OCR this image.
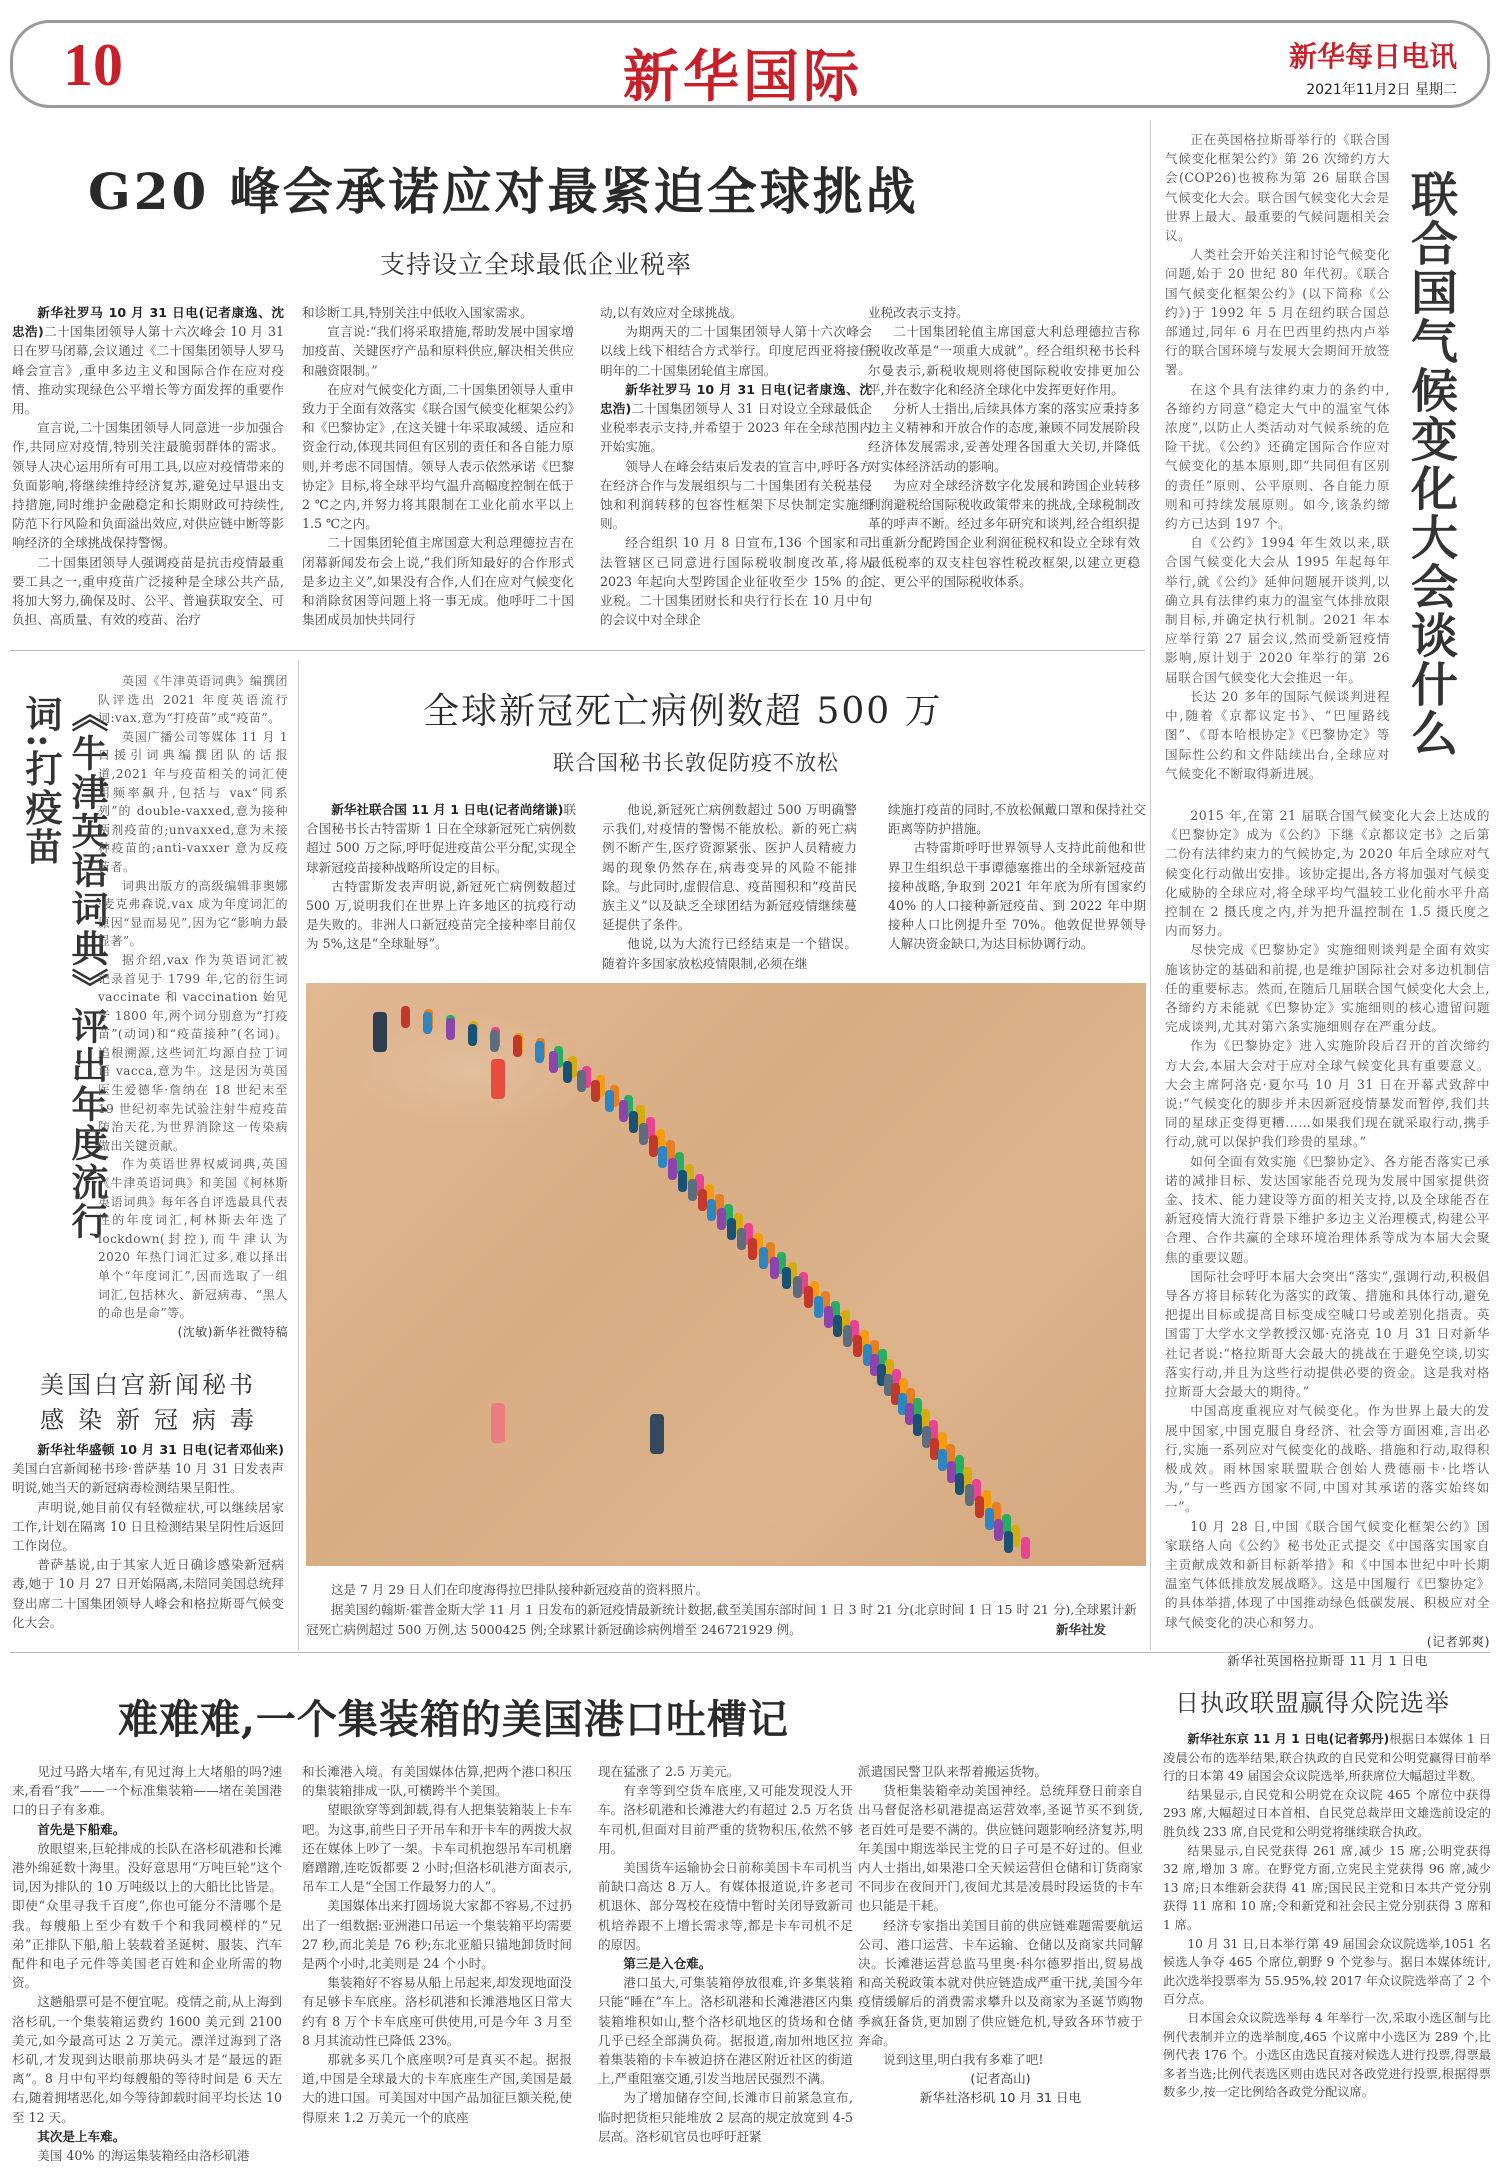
10	新华国际	新华每日电讯
2021年11月2日 星期二
G20 峰会承诺应对最紧迫全球挑战
支持设立全球最低企业税率

新华社罗马 10 月 31 日电(记者康逸、沈忠浩)二十国集团领导人第十六次峰会 10 月 31 日在罗马闭幕,会议通过《二十国集团领导人罗马峰会宣言》,重申多边主义和国际合作在应对疫情、推动实现绿色公平增长等方面发挥的重要作用。

宣言说,二十国集团领导人同意进一步加强合作,共同应对疫情,特别关注最脆弱群体的需求。领导人决心运用所有可用工具,以应对疫情带来的负面影响,将继续维持经济复苏,避免过早退出支持措施,同时维护金融稳定和长期财政可持续性,防范下行风险和负面溢出效应,对供应链中断等影响经济的全球挑战保持警惕。

二十国集团领导人强调疫苗是抗击疫情最重要工具之一,重申疫苗广泛接种是全球公共产品,将加大努力,确保及时、公平、普遍获取安全、可负担、高质量、有效的疫苗、治疗

和诊断工具,特别关注中低收入国家需求。

宣言说:“我们将采取措施,帮助发展中国家增加疫苗、关键医疗产品和原料供应,解决相关供应和融资限制。”

在应对气候变化方面,二十国集团领导人重申致力于全面有效落实《联合国气候变化框架公约》和《巴黎协定》,在这关键十年采取减缓、适应和资金行动,体现共同但有区别的责任和各自能力原则,并考虑不同国情。领导人表示依然承诺《巴黎协定》目标,将全球平均气温升高幅度控制在低于 2 ℃之内,并努力将其限制在工业化前水平以上 1.5 ℃之内。

二十国集团轮值主席国意大利总理德拉吉在闭幕新闻发布会上说,“我们所知最好的合作形式是多边主义”,如果没有合作,人们在应对气候变化和消除贫困等问题上将一事无成。他呼吁二十国集团成员加快共同行

动,以有效应对全球挑战。

为期两天的二十国集团领导人第十六次峰会以线上线下相结合方式举行。印度尼西亚将接任明年的二十国集团轮值主席国。

新华社罗马 10 月 31 日电(记者康逸、沈忠浩)二十国集团领导人 31 日对设立全球最低企业税率表示支持,并希望于 2023 年在全球范围内开始实施。

领导人在峰会结束后发表的宣言中,呼吁各方在经济合作与发展组织与二十国集团有关税基侵蚀和利润转移的包容性框架下尽快制定实施细则。

经合组织 10 月 8 日宣布,136 个国家和司法管辖区已同意进行国际税收制度改革,将从 2023 年起向大型跨国企业征收至少 15% 的企业税。二十国集团财长和央行行长在 10 月中旬的会议中对全球企

业税改表示支持。

二十国集团轮值主席国意大利总理德拉吉称税收改革是“一项重大成就”。经合组织秘书长科尔曼表示,新税收规则将使国际税收安排更加公平,并在数字化和经济全球化中发挥更好作用。

分析人士指出,后续具体方案的落实应秉持多边主义精神和开放合作的态度,兼顾不同发展阶段经济体发展需求,妥善处理各国重大关切,并降低对实体经济活动的影响。

为应对全球经济数字化发展和跨国企业转移利润避税给国际税收政策带来的挑战,全球税制改革的呼声不断。经过多年研究和谈判,经合组织提出重新分配跨国企业利润征税权和设立全球有效最低税率的双支柱包容性税改框架,以建立更稳定、更公平的国际税收体系。

正在英国格拉斯哥举行的《联合国气候变化框架公约》第 26 次缔约方大会(COP26)也被称为第 26 届联合国气候变化大会。联合国气候变化大会是世界上最大、最重要的气候问题相关会议。

人类社会开始关注和讨论气候变化问题,始于 20 世纪 80 年代初。《联合国气候变化框架公约》(以下简称《公约》)于 1992 年 5 月在纽约联合国总部通过,同年 6 月在巴西里约热内卢举行的联合国环境与发展大会期间开放签署。

在这个具有法律约束力的条约中,各缔约方同意“稳定大气中的温室气体浓度”,以防止人类活动对气候系统的危险干扰。《公约》还确定国际合作应对气候变化的基本原则,即“共同但有区别的责任”原则、公平原则、各自能力原则和可持续发展原则。如今,该条约缔约方已达到 197 个。

自《公约》1994 年生效以来,联合国气候变化大会从 1995 年起每年举行,就《公约》延伸问题展开谈判,以确立具有法律约束力的温室气体排放限制目标,并确定执行机制。2021 年本应举行第 27 届会议,然而受新冠疫情影响,原计划于 2020 年举行的第 26 届联合国气候变化大会推迟一年。

长达 20 多年的国际气候谈判进程中,随着《京都议定书》、“巴厘路线图”、《哥本哈根协定》《巴黎协定》等国际性公约和文件陆续出台,全球应对气候变化不断取得新进展。

联合国气候变化大会谈什么

2015 年,在第 21 届联合国气候变化大会上达成的《巴黎协定》成为《公约》下继《京都议定书》之后第二份有法律约束力的气候协定,为 2020 年后全球应对气候变化行动做出安排。该协定提出,各方将加强对气候变化威胁的全球应对,将全球平均气温较工业化前水平升高控制在 2 摄氏度之内,并为把升温控制在 1.5 摄氏度之内而努力。

尽快完成《巴黎协定》实施细则谈判是全面有效实施该协定的基础和前提,也是维护国际社会对多边机制信任的重要标志。然而,在随后几届联合国气候变化大会上,各缔约方未能就《巴黎协定》实施细则的核心遗留问题完成谈判,尤其对第六条实施细则存在严重分歧。

作为《巴黎协定》进入实施阶段后召开的首次缔约方大会,本届大会对于应对全球气候变化具有重要意义。大会主席阿洛克·夏尔马 10 月 31 日在开幕式致辞中说:“气候变化的脚步并未因新冠疫情暴发而暂停,我们共同的星球正变得更糟……如果我们现在就采取行动,携手行动,就可以保护我们珍贵的星球。”

如何全面有效实施《巴黎协定》、各方能否落实已承诺的减排目标、发达国家能否兑现为发展中国家提供资金、技术、能力建设等方面的相关支持,以及全球能否在新冠疫情大流行背景下维护多边主义治理模式,构建公平合理、合作共赢的全球环境治理体系等成为本届大会聚焦的重要议题。

国际社会呼吁本届大会突出“落实”,强调行动,积极倡导各方将目标转化为落实的政策、措施和具体行动,避免把提出目标或提高目标变成空喊口号或差别化指责。英国雷丁大学水文学教授汉娜·克洛克 10 月 31 日对新华社记者说:“格拉斯哥大会最大的挑战在于避免空谈,切实落实行动,并且为这些行动提供必要的资金。这是我对格拉斯哥大会最大的期待。”

中国高度重视应对气候变化。作为世界上最大的发展中国家,中国克服自身经济、社会等方面困难,言出必行,实施一系列应对气候变化的战略、措施和行动,取得积极成效。雨林国家联盟联合创始人费德丽卡·比塔认为,“与一些西方国家不同,中国对其承诺的落实始终如一”。

10 月 28 日,中国《联合国气候变化框架公约》国家联络人向《公约》秘书处正式提交《中国落实国家自主贡献成效和新目标新举措》和《中国本世纪中叶长期温室气体低排放发展战略》。这是中国履行《巴黎协定》的具体举措,体现了中国推动绿色低碳发展、积极应对全球气候变化的决心和努力。

(记者郭爽)

新华社英国格拉斯哥 11 月 1 日电

《牛津英语词典》评出年度流行词:打疫苗

英国《牛津英语词典》编撰团队评选出 2021 年度英语流行词:vax,意为“打疫苗”或“疫苗”。

英国广播公司等媒体 11 月 1 日援引词典编撰团队的话报道,2021 年与疫苗相关的词汇使用频率飙升,包括与 vax“同系列”的 double-vaxxed,意为接种两剂疫苗的;unvaxxed,意为未接种疫苗的;anti-vaxxer 意为反疫苗者。

词典出版方的高级编辑菲奥娜·麦克弗森说,vax 成为年度词汇的原因“显而易见”,因为它“影响力最显著”。

据介绍,vax 作为英语词汇被记录首见于 1799 年,它的衍生词 vaccinate 和 vaccination 始见于 1800 年,两个词分别意为“打疫苗”(动词)和“疫苗接种”(名词)。追根溯源,这些词汇均源自拉丁词语 vacca,意为牛。这是因为英国医生爱德华·詹纳在 18 世纪末至 19 世纪初率先试验注射牛痘疫苗防治天花,为世界消除这一传染病做出关键贡献。

作为英语世界权威词典,英国《牛津英语词典》和美国《柯林斯英语词典》每年各自评选最具代表性的年度词汇,柯林斯去年选了 lockdown(封控),而牛津认为 2020 年热门词汇过多,难以择出单个“年度词汇”,因而选取了一组词汇,包括林火、新冠病毒、“黑人的命也是命”等。

(沈敏)新华社微特稿

美国白宫新闻秘书
感染新冠病毒

新华社华盛顿 10 月 31 日电(记者邓仙来)美国白宫新闻秘书珍·普萨基 10 月 31 日发表声明说,她当天的新冠病毒检测结果呈阳性。

声明说,她目前仅有轻微症状,可以继续居家工作,计划在隔离 10 日且检测结果呈阴性后返回工作岗位。

普萨基说,由于其家人近日确诊感染新冠病毒,她于 10 月 27 日开始隔离,未陪同美国总统拜登出席二十国集团领导人峰会和格拉斯哥气候变化大会。

全球新冠死亡病例数超 500 万
联合国秘书长敦促防疫不放松

新华社联合国 11 月 1 日电(记者尚绪谦)联合国秘书长古特雷斯 1 日在全球新冠死亡病例数超过 500 万之际,呼吁促进疫苗公平分配,实现全球新冠疫苗接种战略所设定的目标。

古特雷斯发表声明说,新冠死亡病例数超过 500 万,说明我们在世界上许多地区的抗疫行动是失败的。非洲人口新冠疫苗完全接种率目前仅为 5%,这是“全球耻辱”。

他说,新冠死亡病例数超过 500 万明确警示我们,对疫情的警惕不能放松。新的死亡病例不断产生,医疗资源紧张、医护人员精疲力竭的现象仍然存在,病毒变异的风险不能排除。与此同时,虚假信息、疫苗囤积和“疫苗民族主义”以及缺乏全球团结为新冠疫情继续蔓延提供了条件。

他说,以为大流行已经结束是一个错误。随着许多国家放松疫情限制,必须在继

续施打疫苗的同时,不放松佩戴口罩和保持社交距离等防护措施。

古特雷斯呼吁世界领导人支持此前他和世界卫生组织总干事谭德塞推出的全球新冠疫苗接种战略,争取到 2021 年年底为所有国家约 40% 的人口接种新冠疫苗、到 2022 年中期接种人口比例提升至 70%。他敦促世界领导人解决资金缺口,为达目标协调行动。

这是 7 月 29 日人们在印度海得拉巴排队接种新冠疫苗的资料照片。

据美国约翰斯·霍普金斯大学 11 月 1 日发布的新冠疫情最新统计数据,截至美国东部时间 1 日 3 时 21 分(北京时间 1 日 15 时 21 分),全球累计新冠死亡病例超过 500 万例,达 5000425 例;全球累计新冠确诊病例增至 246721929 例。	新华社发
难难难,一个集装箱的美国港口吐槽记

见过马路大堵车,有见过海上大堵船的吗?速来,看看“我”——一个标准集装箱——堵在美国港口的日子有多难。

首先是下船难。

放眼望来,巨轮排成的长队在洛杉矶港和长滩港外绵延数十海里。没好意思用“万吨巨轮”这个词,因为排队的 10 万吨级以上的大船比比皆是。即使“众里寻我千百度”,你也可能分不清哪个是我。每艘船上至少有数千个和我同模样的“兄弟”正排队下船,船上装载着圣诞树、服装、汽车配件和电子元件等美国老百姓和企业所需的物资。

这趟船票可是不便宜呢。疫情之前,从上海到洛杉矶,一个集装箱运费约 1600 美元到 2100 美元,如今最高可达 2 万美元。漂洋过海到了洛杉矶,才发现到达眼前那块码头才是“最远的距离”。8 月中旬平均每艘船的等待时间是 6 天左右,随着拥堵恶化,如今等待卸载时间平均长达 10 至 12 天。

其次是上车难。

美国 40% 的海运集装箱经由洛杉矶港

和长滩港入境。有美国媒体估算,把两个港口积压的集装箱排成一队,可横跨半个美国。

望眼欲穿等到卸载,得有人把集装箱装上卡车吧。为这事,前些日子开吊车和开卡车的两拨大叔还在媒体上吵了一架。卡车司机抱怨吊车司机磨磨蹭蹭,连吃饭都要 2 小时;但洛杉矶港方面表示,吊车工人是“全国工作最努力的人”。

美国媒体出来打圆场说大家都不容易,不过扔出了一组数据:亚洲港口吊运一个集装箱平均需要 27 秒,而北美是 76 秒;东北亚船只锚地卸货时间是两个小时,北美则是 24 个小时。

集装箱好不容易从船上吊起来,却发现地面没有足够卡车底座。洛杉矶港和长滩港地区日常大约有 8 万个卡车底座可供使用,可是今年 3 月至 8 月其流动性已降低 23%。

那就多买几个底座呗?可是真买不起。据报道,中国是全球最大的卡车底座生产国,美国是最大的进口国。可美国对中国产品加征巨额关税,使得原来 1.2 万美元一个的底座

现在猛涨了 2.5 万美元。

有幸等到空货车底座,又可能发现没人开车。洛杉矶港和长滩港大约有超过 2.5 万名货车司机,但面对目前严重的货物积压,依然不够用。

美国货车运输协会日前称美国卡车司机当前缺口高达 8 万人。有媒体报道说,许多老司机退休、部分驾校在疫情中暂时关闭导致新司机培养跟不上增长需求等,都是卡车司机不足的原因。

第三是入仓难。

港口虽大,可集装箱停放很难,许多集装箱只能“睡在”车上。洛杉矶港和长滩港港区内集装箱堆积如山,整个洛杉矶地区的货场和仓储几乎已经全部满负荷。据报道,南加州地区拉着集装箱的卡车被迫挤在港区附近社区的街道上,严重阻塞交通,引发当地居民强烈不满。

为了增加储存空间,长滩市日前紧急宣布,临时把货柜只能堆放 2 层高的规定放宽到 4-5 层高。洛杉矶官员也呼吁赶紧

派遣国民警卫队来帮着搬运货物。

货柜集装箱牵动美国神经。总统拜登日前亲自出马督促洛杉矶港提高运营效率,圣诞节买不到货,老百姓可是要不满的。供应链问题影响经济复苏,明年美国中期选举民主党的日子可是不好过的。但业内人士指出,如果港口全天候运营但仓储和订货商家不同步在夜间开门,夜间尤其是凌晨时段运货的卡车也只能是干耗。

经济专家指出美国目前的供应链难题需要航运公司、港口运营、卡车运输、仓储以及商家共同解决。长滩港运营总监马里奥·科尔德罗指出,贸易战和高关税政策本就对供应链造成严重干扰,美国今年疫情缓解后的消费需求攀升以及商家为圣诞节购物季疯狂备货,更加剧了供应链危机,导致各环节疲于奔命。

说到这里,明白我有多难了吧!

(记者高山)

新华社洛杉矶 10 月 31 日电

日执政联盟赢得众院选举

新华社东京 11 月 1 日电(记者郭丹)根据日本媒体 1 日凌晨公布的选举结果,联合执政的自民党和公明党赢得日前举行的日本第 49 届国会众议院选举,所获席位大幅超过半数。

结果显示,自民党和公明党在众议院 465 个席位中获得 293 席,大幅超过日本首相、自民党总裁岸田文雄选前设定的胜负线 233 席,自民党和公明党将继续联合执政。

结果显示,自民党获得 261 席,减少 15 席;公明党获得 32 席,增加 3 席。在野党方面,立宪民主党获得 96 席,减少 13 席;日本维新会获得 41 席;国民民主党和日本共产党分别获得 11 席和 10 席;令和新党和社会民主党分别获得 3 席和 1 席。

10 月 31 日,日本举行第 49 届国会众议院选举,1051 名候选人争夺 465 个席位,朝野 9 个党参与。据日本媒体统计,此次选举投票率为 55.95%,较 2017 年众议院选举高了 2 个百分点。

日本国会众议院选举每 4 年举行一次,采取小选区制与比例代表制并立的选举制度,465 个议席中小选区为 289 个,比例代表 176 个。小选区由选民直接对候选人进行投票,得票最多者当选;比例代表选区则由选民对各政党进行投票,根据得票数多少,按一定比例给各政党分配议席。
